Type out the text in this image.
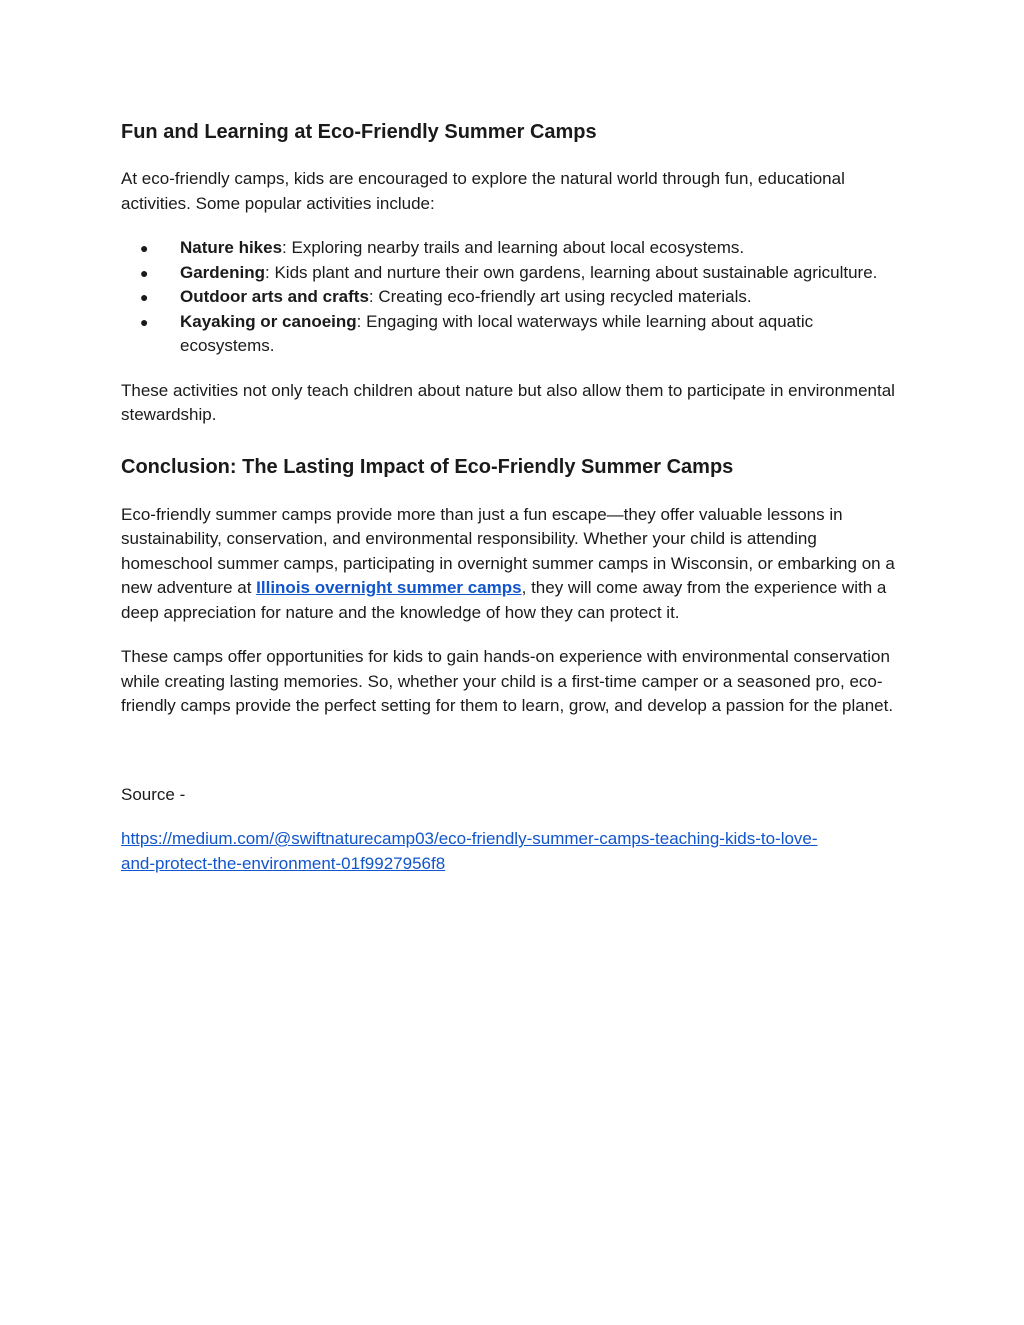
Fun and Learning at Eco-Friendly Summer Camps

At eco-friendly camps, kids are encouraged to explore the natural world through fun, educational activities. Some popular activities include:

● Nature hikes: Exploring nearby trails and learning about local ecosystems.
● Gardening: Kids plant and nurture their own gardens, learning about sustainable agriculture.
● Outdoor arts and crafts: Creating eco-friendly art using recycled materials.
● Kayaking or canoeing: Engaging with local waterways while learning about aquatic ecosystems.

These activities not only teach children about nature but also allow them to participate in environmental stewardship.

Conclusion: The Lasting Impact of Eco-Friendly Summer Camps

Eco-friendly summer camps provide more than just a fun escape—they offer valuable lessons in sustainability, conservation, and environmental responsibility. Whether your child is attending homeschool summer camps, participating in overnight summer camps in Wisconsin, or embarking on a new adventure at Illinois overnight summer camps, they will come away from the experience with a deep appreciation for nature and the knowledge of how they can protect it.

These camps offer opportunities for kids to gain hands-on experience with environmental conservation while creating lasting memories. So, whether your child is a first-time camper or a seasoned pro, eco-friendly camps provide the perfect setting for them to learn, grow, and develop a passion for the planet.

Source -

https://medium.com/@swiftnaturecamp03/eco-friendly-summer-camps-teaching-kids-to-love-
and-protect-the-environment-01f9927956f8
